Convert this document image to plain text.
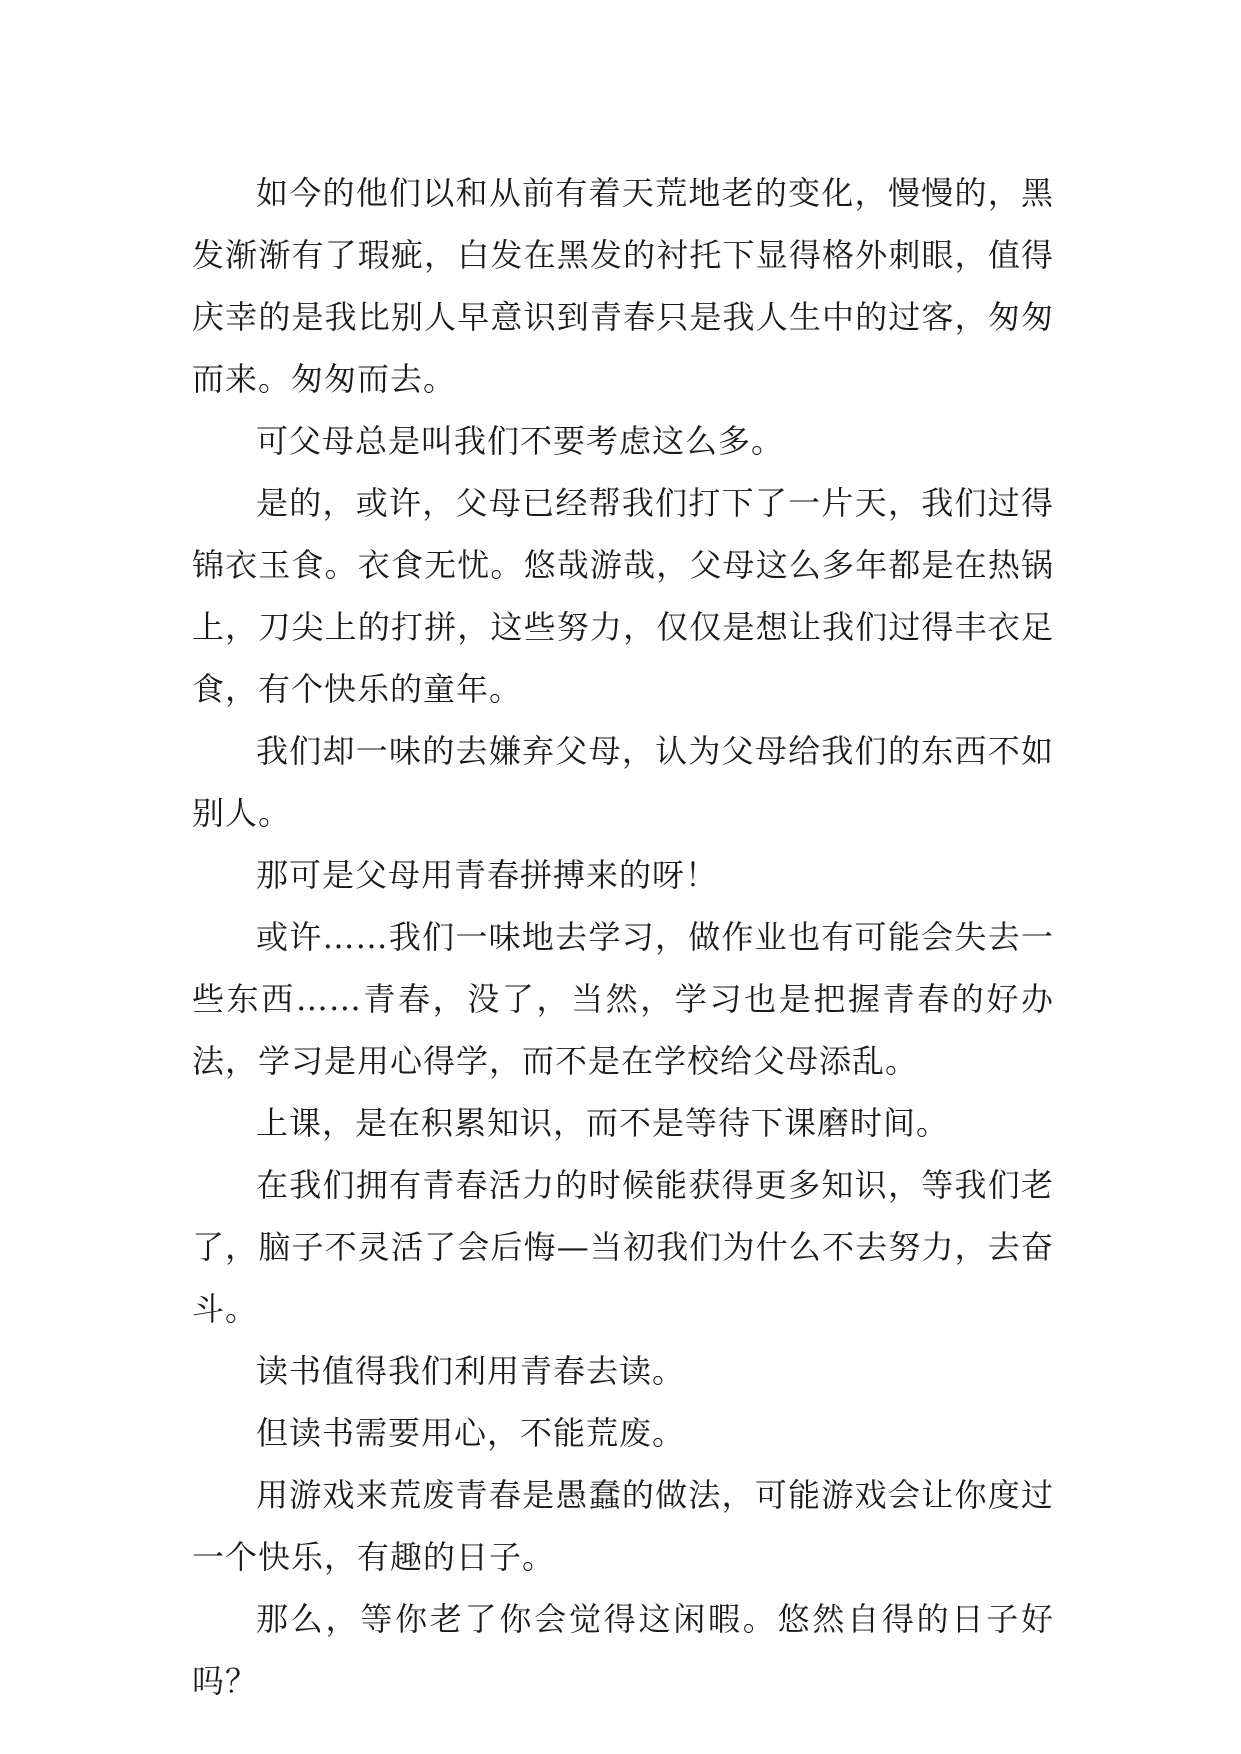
如今的他们以和从前有着天荒地老的变化，慢慢的，黑发渐渐有了瑕疵，白发在黑发的衬托下显得格外刺眼，值得庆幸的是我比别人早意识到青春只是我人生中的过客，匆匆而来。匆匆而去。

可父母总是叫我们不要考虑这么多。

是的，或许，父母已经帮我们打下了一片天，我们过得锦衣玉食。衣食无忧。悠哉游哉，父母这么多年都是在热锅上，刀尖上的打拼，这些努力，仅仅是想让我们过得丰衣足食，有个快乐的童年。

我们却一味的去嫌弃父母，认为父母给我们的东西不如别人。

那可是父母用青春拼搏来的呀！

或许……我们一味地去学习，做作业也有可能会失去一些东西……青春，没了，当然，学习也是把握青春的好办法，学习是用心得学，而不是在学校给父母添乱。

上课，是在积累知识，而不是等待下课磨时间。

在我们拥有青春活力的时候能获得更多知识，等我们老了，脑子不灵活了会后悔—当初我们为什么不去努力，去奋斗。

读书值得我们利用青春去读。

但读书需要用心，不能荒废。

用游戏来荒废青春是愚蠢的做法，可能游戏会让你度过一个快乐，有趣的日子。

那么，等你老了你会觉得这闲暇。悠然自得的日子好吗？
